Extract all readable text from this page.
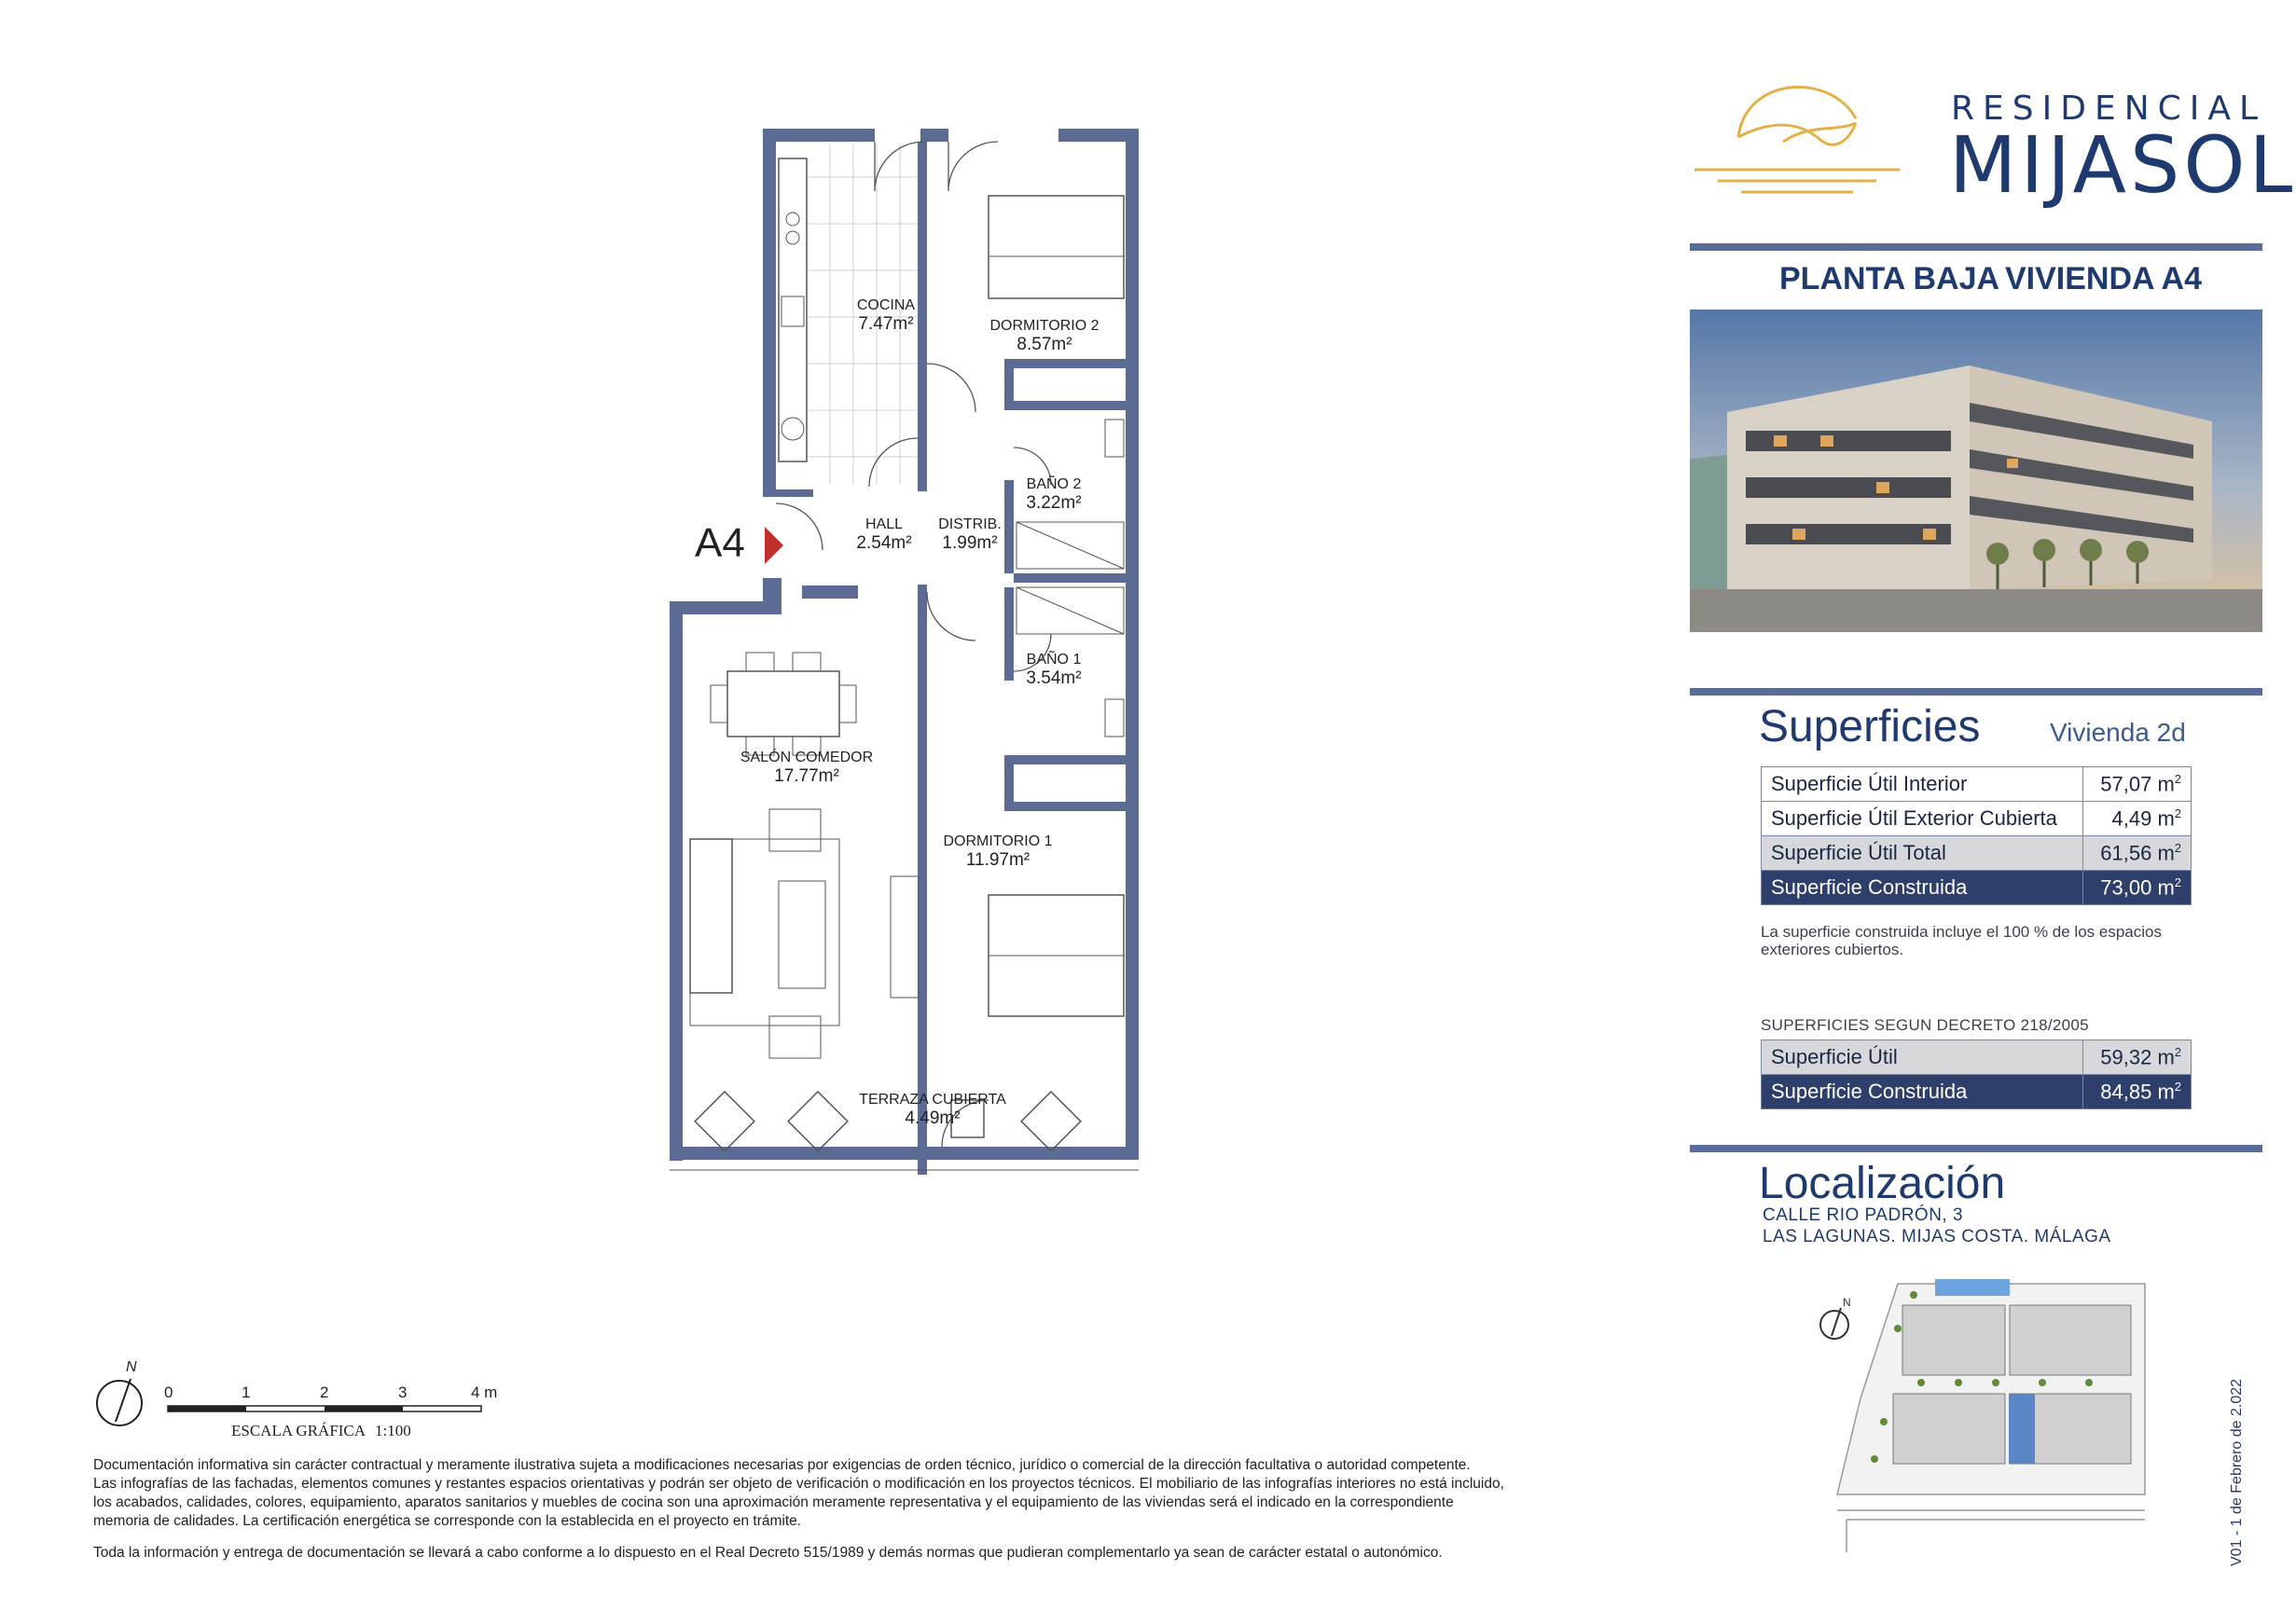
RESIDENCIAL
MIJASOL
PLANTA BAJA VIVIENDA A4
Superficies	Vivienda 2d
Superficie Útil Interior	57,07 $m^2$
Superficie Útil Exterior Cubierta	4,49 $m^2$
Superficie Útil Total	61,56 $m^2$
Superficie Construida	73,00 $m^2$
La superficie construida incluye el 100 % de los espacios
exteriores cubiertos.
SUPERFICIES SEGUN DECRETO 218/2005
Superficie Útil	59,32 $m^2$
Superficie Construida	84,85 $m^2$
Localización
CALLE RIO PADRÓN, 3
LAS LAGUNAS. MIJAS COSTA. MÁLAGA
N
V01 - 1 de Febrero de 2.022
A4
COCINA
7.47m²	DORMITORIO 2
8.57m²
BAÑO 2
3.22m²
HALL
2.54m²
DISTRIB.
1.99m²
BAÑO 1
3.54m²
SALÓN COMEDOR
17.77m²
DORMITORIO 1
11.97m²
TERRAZA CUBIERTA
4.49m²
N
0	1	2	3	4 m
ESCALA GRÁFICA 1:100
Documentación informativa sin carácter contractual y meramente ilustrativa sujeta a modificaciones necesarias por exigencias de orden técnico, jurídico o comercial de la dirección facultativa o autoridad competente.
Las infografías de las fachadas, elementos comunes y restantes espacios orientativas y podrán ser objeto de verificación o modificación en los proyectos técnicos. El mobiliario de las infografías interiores no está incluido,
los acabados, calidades, colores, equipamiento, aparatos sanitarios y muebles de cocina son una aproximación meramente representativa y el equipamiento de las viviendas será el indicado en la correspondiente
memoria de calidades. La certificación energética se corresponde con la establecida en el proyecto en trámite.
Toda la información y entrega de documentación se llevará a cabo conforme a lo dispuesto en el Real Decreto 515/1989 y demás normas que pudieran complementarlo ya sean de carácter estatal o autonómico.
